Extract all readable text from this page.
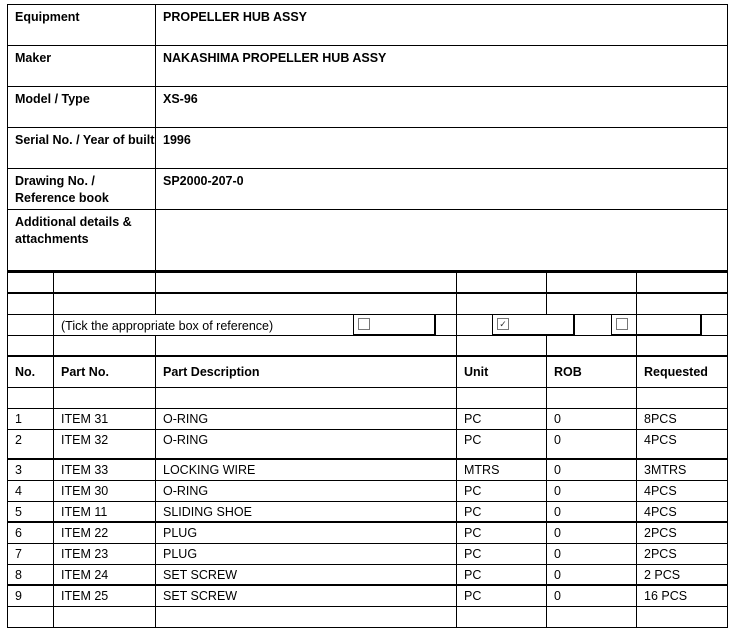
Equipment	PROPELLER HUB ASSY
Maker	NAKASHIMA PROPELLER HUB ASSY
Model / Type	XS-96
Serial No. / Year of built	1996
Drawing No. / Reference book	SP2000-207-0
Additional details & attachments	

	(Tick the appropriate box of reference)		✓		

No.	Part No.	Part Description	Unit	ROB	Requested

1	ITEM 31	O-RING	PC	0	8PCS
2	ITEM 32	O-RING	PC	0	4PCS
3	ITEM 33	LOCKING WIRE	MTRS	0	3MTRS
4	ITEM 30	O-RING	PC	0	4PCS
5	ITEM 11	SLIDING SHOE	PC	0	4PCS
6	ITEM 22	PLUG	PC	0	2PCS
7	ITEM 23	PLUG	PC	0	2PCS
8	ITEM 24	SET SCREW	PC	0	2 PCS
9	ITEM 25	SET SCREW	PC	0	16 PCS
